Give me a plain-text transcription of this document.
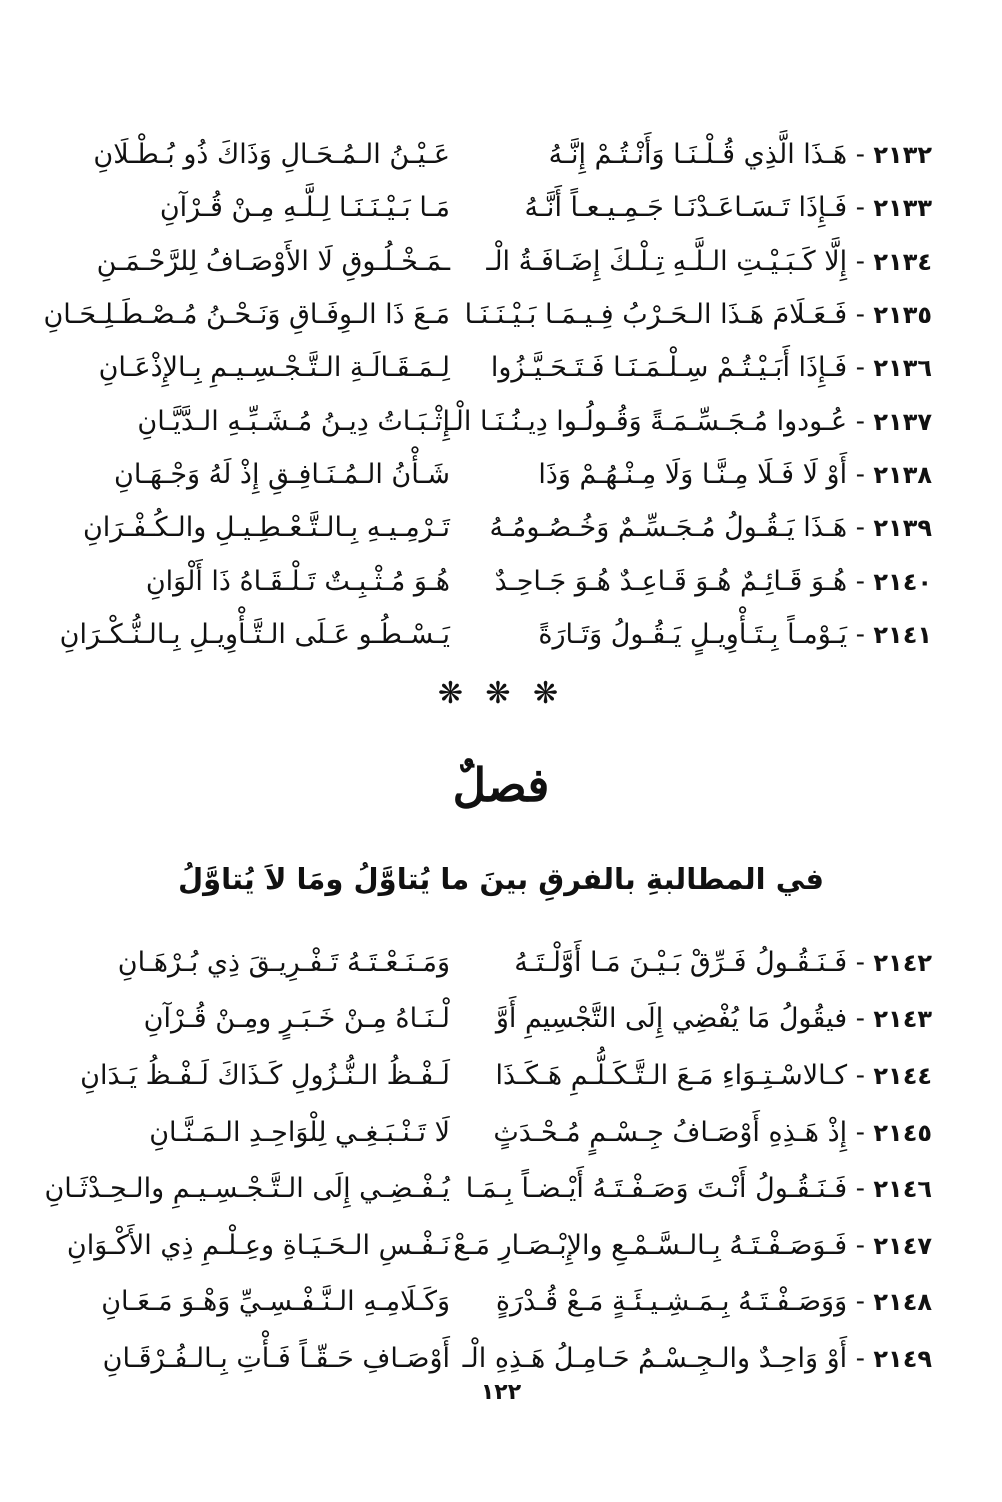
٢١٣٢ - هَـذَا الَّذِي قُـلْـنَـا وَأَنْـتُـمْ إِنَّـهُ
عَـيْـنُ الـمُـحَـالِ وَذَاكَ ذُو بُـطْـلَانِ
٢١٣٣ - فَـإِذَا تَـسَـاعَـدْنَـا جَـمِـيـعـاً أَنَّـهُ
مَـا بَـيْـنَـنَـا لِـلَّـهِ مِـنْ قُـرْآنِ
٢١٣٤ - إِلَّا كَـبَـيْـتِ الـلَّـهِ تِـلْـكَ إِضَـافَـةُ الْـ
ـمَـخْـلُـوقِ لَا الأَوْصَـافُ لِلرَّحْـمَـنِ
٢١٣٥ - فَـعَـلَامَ هَـذَا الـحَـرْبُ فِـيـمَـا بَـيْـنَـنَـا
مَـعَ ذَا الـوِفَـاقِ وَنَـحْـنُ مُـصْـطَـلِـحَـانِ
٢١٣٦ - فَـإِذَا أَبَـيْـتُـمْ سِـلْـمَـنَـا فَـتَـحَـيَّـزُوا
لِـمَـقَـالَـةِ الـتَّـجْـسِـيـمِ بِـالإِذْعَـانِ
٢١٣٧ - عُـودوا مُـجَـسِّـمَـةً وَقُـولُـوا دِيـنُـنَـا الْـ
إِثْـبَـاتُ دِيـنُ مُـشَـبِّـهِ الـدَّيَّـانِ
٢١٣٨ - أَوْ لَا فَـلَا مِـنَّـا وَلَا مِـنْـهُـمْ وَذَا
شَـأْنُ الـمُـنَـافِـقِ إِذْ لَهُ وَجْـهَـانِ
٢١٣٩ - هَـذَا يَـقُـولُ مُـجَـسِّـمٌ وَخُـصُـومُـهُ
تَـرْمِـيـهِ بِـالـتَّـعْـطِـيـلِ والـكُـفْـرَانِ
٢١٤٠ - هُـوَ قَـائِـمٌ هُـوَ قَـاعِـدٌ هُـوَ جَـاحِـدٌ
هُـوَ مُـثْـبِـتٌ تَـلْـقَـاهُ ذَا أَلْوَانِ
٢١٤١ - يَـوْمـاً بِـتَـأْوِيـلٍ يَـقُـولُ وَتَـارَةً
يَـسْـطُـو عَـلَى الـتَّـأْوِيـلِ بِـالـنُّـكْـرَانِ
❋ ❋ ❋
فصلٌ
في المطالبةِ بالفرقِ بينَ ما يُتاوَّلُ ومَا لاَ يُتاوَّلُ
٢١٤٢ - فَـنَـقُـولُ فَـرِّقْ بَـيْـنَ مَـا أَوَّلْـتَـهُ
وَمَـنَـعْـتَـهُ تَـفْـرِيـقَ ذِي بُـرْهَـانِ
٢١٤٣ - فيقُولُ مَا يُفْضِي إِلَى التَّجْسِيمِ أَوَّ
لْـنَـاهُ مِـنْ خَـبَـرٍ ومِـنْ قُـرْآنِ
٢١٤٤ - كـالاسْـتِـوَاءِ مَـعَ الـتَّـكَـلُّـمِ هَـكَـذَا
لَـفْـظُ الـنُّـزُولِ كَـذَاكَ لَـفْـظُ يَـدَانِ
٢١٤٥ - إِذْ هَـذِهِ أَوْصَـافُ جِـسْـمٍ مُـحْـدَثٍ
لَا تَـنْـبَـغِـي لِلْوَاحِـدِ الـمَـنَّـانِ
٢١٤٦ - فَـنَـقُـولُ أَنْـتَ وَصَـفْـتَـهُ أَيْـضـاً بِـمَـا
يُـفْـضِـي إِلَى الـتَّـجْـسِـيـمِ والـحِـدْثَـانِ
٢١٤٧ - فَـوَصَـفْـتَـهُ بِـالـسَّـمْـعِ والإِبْـصَـارِ مَـعْ
نَـفْـسِ الـحَـيَـاةِ وعِـلْـمِ ذِي الأَكْـوَانِ
٢١٤٨ - وَوَصَـفْـتَـهُ بِـمَـشِـيـئَـةٍ مَـعْ قُـدْرَةٍ
وَكَـلَامِـهِ الـنَّـفْـسِـيِّ وَهْـوَ مَـعَـانِ
٢١٤٩ - أَوْ وَاحِـدٌ والـجِـسْـمُ حَـامِـلُ هَـذِهِ الْـ
أَوْصَـافِ حَـقّـاً فَـأْتِ بِـالـفُـرْقَـانِ
١٢٢
